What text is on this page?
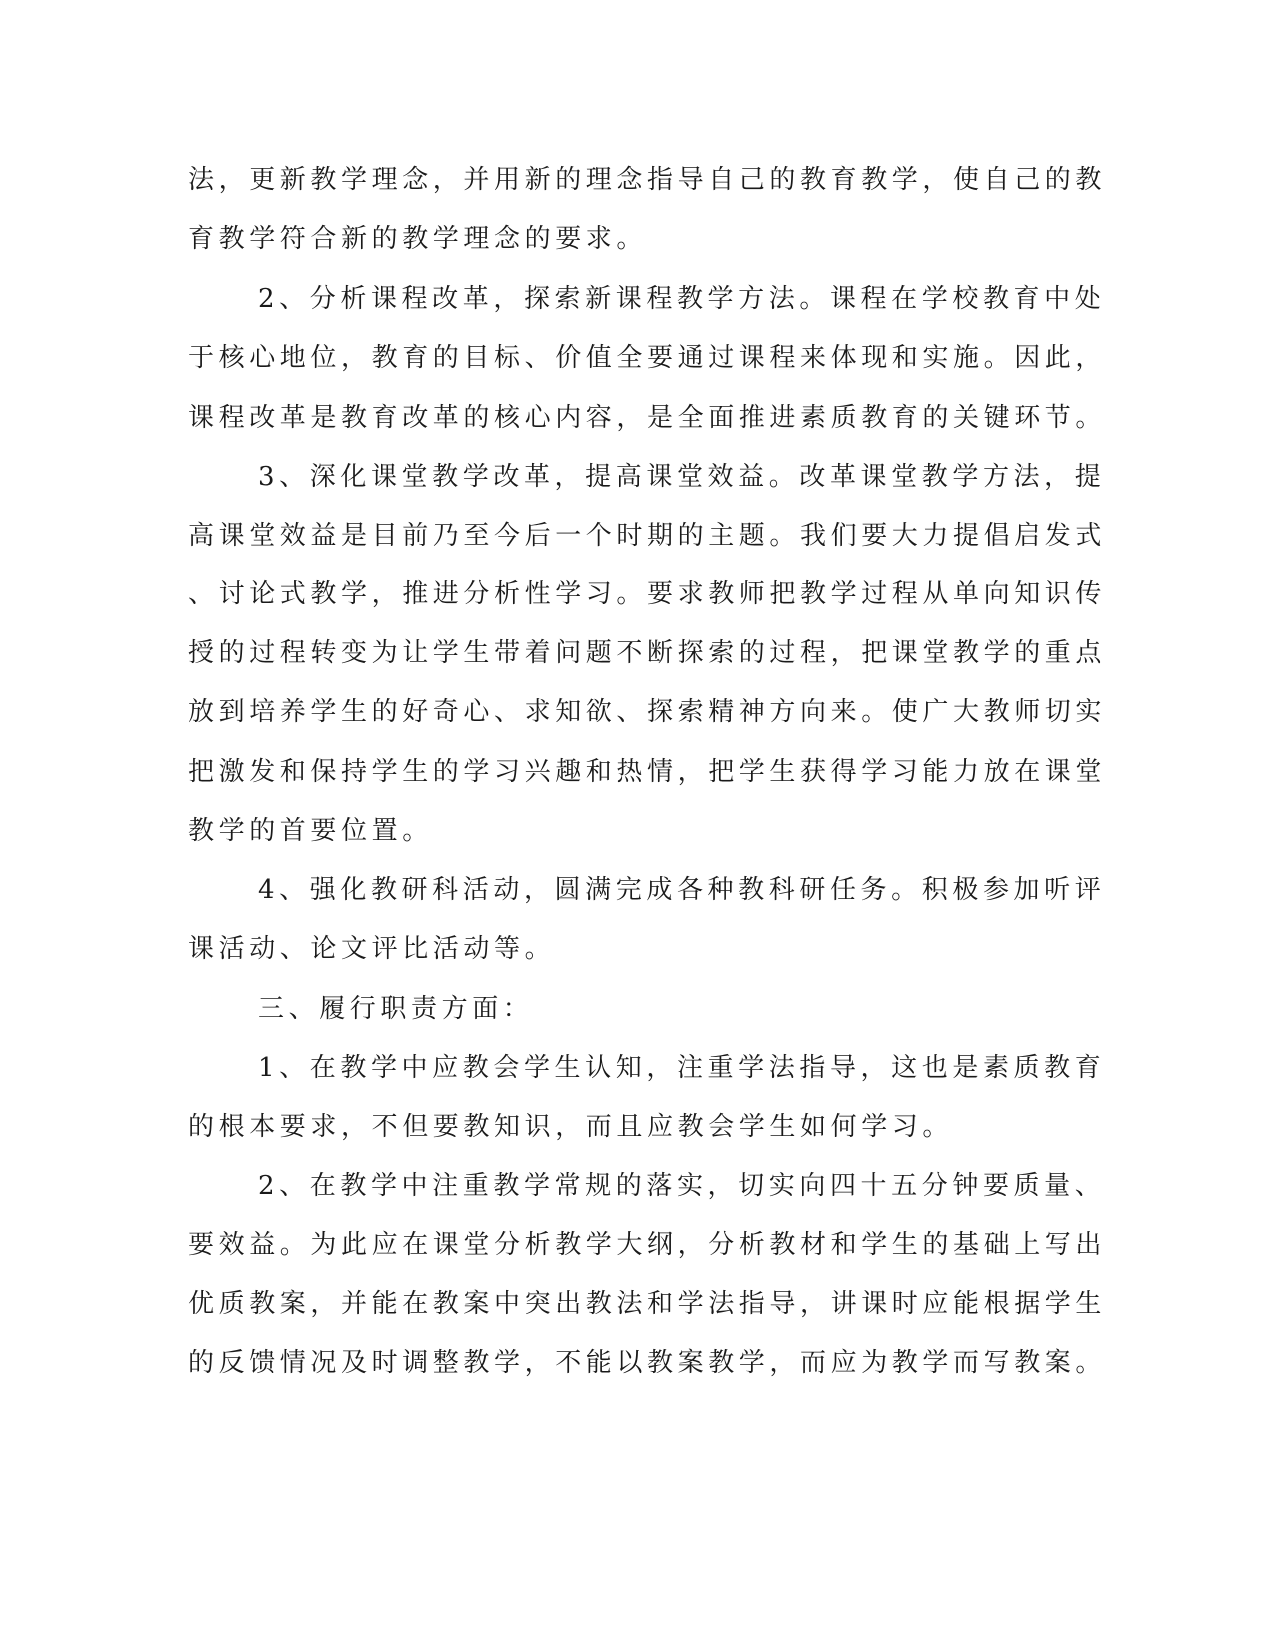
法，更新教学理念，并用新的理念指导自己的教育教学，使自己的教
育教学符合新的教学理念的要求。
2、分析课程改革，探索新课程教学方法。课程在学校教育中处
于核心地位，教育的目标、价值全要通过课程来体现和实施。因此，
课程改革是教育改革的核心内容，是全面推进素质教育的关键环节。
3、深化课堂教学改革，提高课堂效益。改革课堂教学方法，提
高课堂效益是目前乃至今后一个时期的主题。我们要大力提倡启发式
、讨论式教学，推进分析性学习。要求教师把教学过程从单向知识传
授的过程转变为让学生带着问题不断探索的过程，把课堂教学的重点
放到培养学生的好奇心、求知欲、探索精神方向来。使广大教师切实
把激发和保持学生的学习兴趣和热情，把学生获得学习能力放在课堂
教学的首要位置。
4、强化教研科活动，圆满完成各种教科研任务。积极参加听评
课活动、论文评比活动等。
三、履行职责方面：
1、在教学中应教会学生认知，注重学法指导，这也是素质教育
的根本要求，不但要教知识，而且应教会学生如何学习。
2、在教学中注重教学常规的落实，切实向四十五分钟要质量、
要效益。为此应在课堂分析教学大纲，分析教材和学生的基础上写出
优质教案，并能在教案中突出教法和学法指导，讲课时应能根据学生
的反馈情况及时调整教学，不能以教案教学，而应为教学而写教案。
